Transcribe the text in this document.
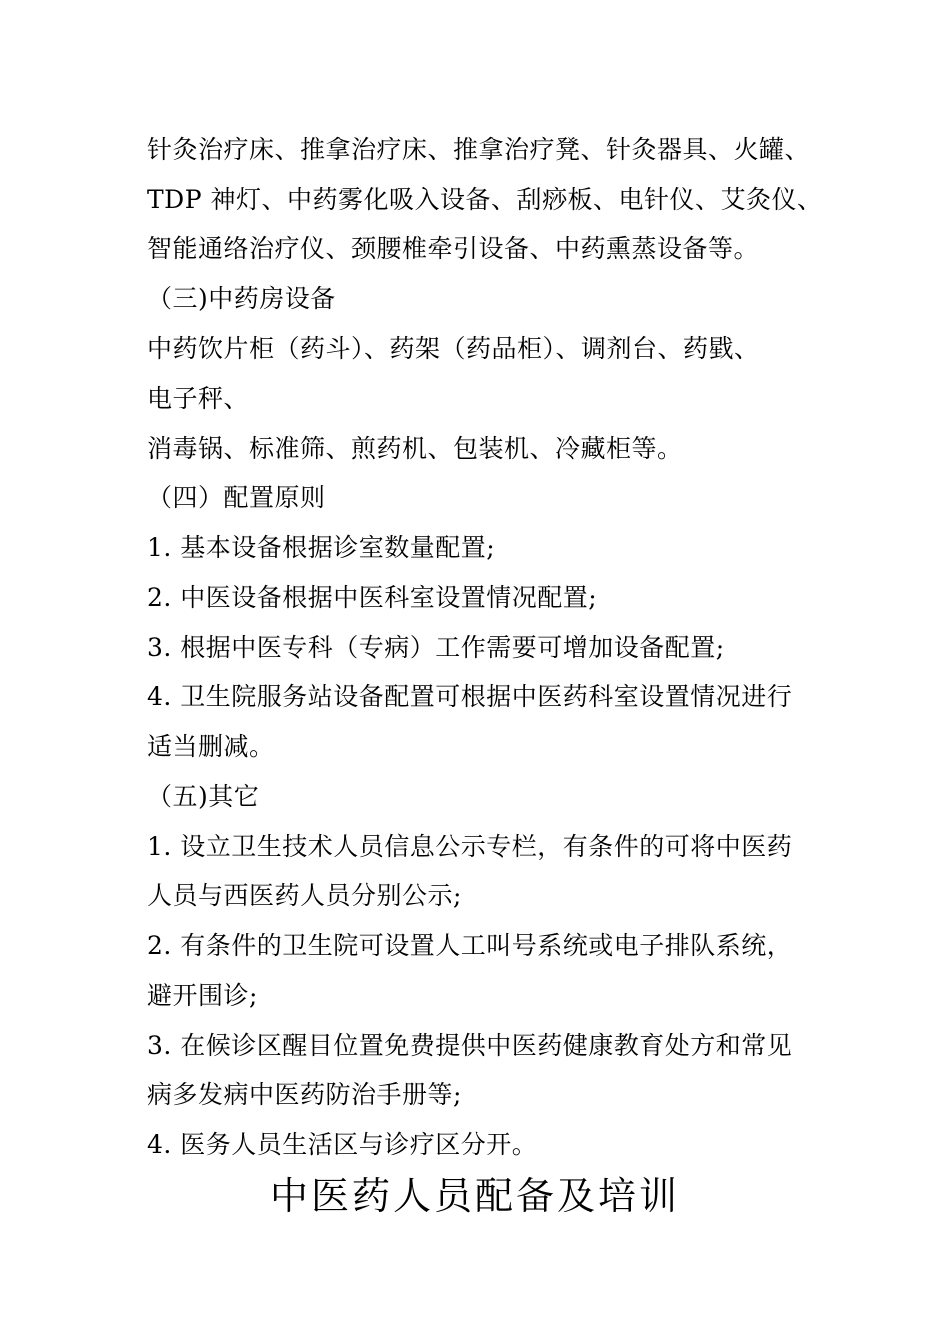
针灸治疗床、推拿治疗床、推拿治疗凳、针灸器具、火罐、
TDP 神灯、中药雾化吸入设备、刮痧板、电针仪、艾灸仪、
智能通络治疗仪、颈腰椎牵引设备、中药熏蒸设备等。
（三)中药房设备
中药饮片柜（药斗）、药架（药品柜）、调剂台、药戥、
电子秤、
消毒锅、标准筛、煎药机、包装机、冷藏柜等。
（四）配置原则
1. 基本设备根据诊室数量配置;
2. 中医设备根据中医科室设置情况配置;
3. 根据中医专科（专病）工作需要可增加设备配置;
4. 卫生院服务站设备配置可根据中医药科室设置情况进行
适当删减。
（五)其它
1. 设立卫生技术人员信息公示专栏，有条件的可将中医药
人员与西医药人员分别公示;
2. 有条件的卫生院可设置人工叫号系统或电子排队系统，
避开围诊;
3. 在候诊区醒目位置免费提供中医药健康教育处方和常见
病多发病中医药防治手册等;
4. 医务人员生活区与诊疗区分开。
中医药人员配备及培训
